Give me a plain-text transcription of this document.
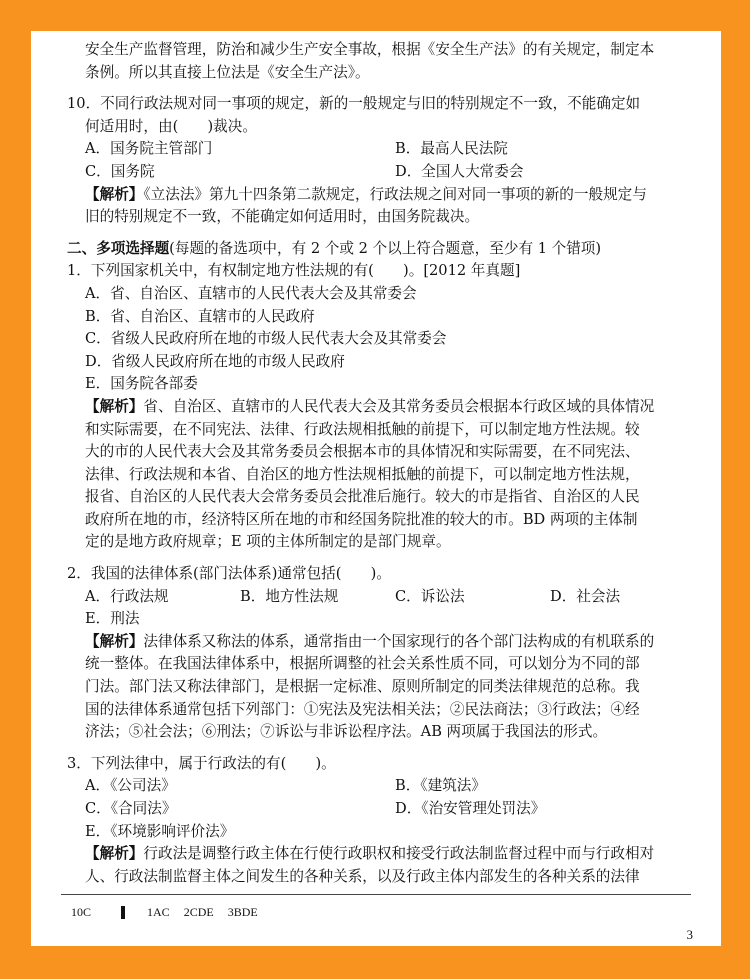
安全生产监督管理，防治和减少生产安全事故，根据《安全生产法》的有关规定，制定本

条例。所以其直接上位法是《安全生产法》。

10．不同行政法规对同一事项的规定，新的一般规定与旧的特别规定不一致，不能确定如

何适用时，由(　　)裁决。

A．国务院主管部门	B．最高人民法院
C．国务院	D．全国人大常委会

【解析】《立法法》第九十四条第二款规定，行政法规之间对同一事项的新的一般规定与

旧的特别规定不一致，不能确定如何适用时，由国务院裁决。

二、多项选择题(每题的备选项中，有 2 个或 2 个以上符合题意，至少有 1 个错项)

1．下列国家机关中，有权制定地方性法规的有(　　)。[2012 年真题]

A．省、自治区、直辖市的人民代表大会及其常委会

B．省、自治区、直辖市的人民政府

C．省级人民政府所在地的市级人民代表大会及其常委会

D．省级人民政府所在地的市级人民政府

E．国务院各部委

【解析】省、自治区、直辖市的人民代表大会及其常务委员会根据本行政区域的具体情况

和实际需要，在不同宪法、法律、行政法规相抵触的前提下，可以制定地方性法规。较

大的市的人民代表大会及其常务委员会根据本市的具体情况和实际需要，在不同宪法、

法律、行政法规和本省、自治区的地方性法规相抵触的前提下，可以制定地方性法规，

报省、自治区的人民代表大会常务委员会批准后施行。较大的市是指省、自治区的人民

政府所在地的市，经济特区所在地的市和经国务院批准的较大的市。BD 两项的主体制

定的是地方政府规章；E 项的主体所制定的是部门规章。

2．我国的法律体系(部门法体系)通常包括(　　)。

A．行政法规	B．地方性法规	C．诉讼法	D．社会法

E．刑法

【解析】法律体系又称法的体系，通常指由一个国家现行的各个部门法构成的有机联系的

统一整体。在我国法律体系中，根据所调整的社会关系性质不同，可以划分为不同的部

门法。部门法又称法律部门，是根据一定标准、原则所制定的同类法律规范的总称。我

国的法律体系通常包括下列部门：①宪法及宪法相关法；②民法商法；③行政法；④经

济法；⑤社会法；⑥刑法；⑦诉讼与非诉讼程序法。AB 两项属于我国法的形式。

3．下列法律中，属于行政法的有(　　)。

A．《公司法》	B．《建筑法》
C．《合同法》	D．《治安管理处罚法》

E．《环境影响评价法》

【解析】行政法是调整行政主体在行使行政职权和接受行政法制监督过程中而与行政相对

人、行政法制监督主体之间发生的各种关系，以及行政主体内部发生的各种关系的法律

10C	1AC 2CDE 3BDE
3
